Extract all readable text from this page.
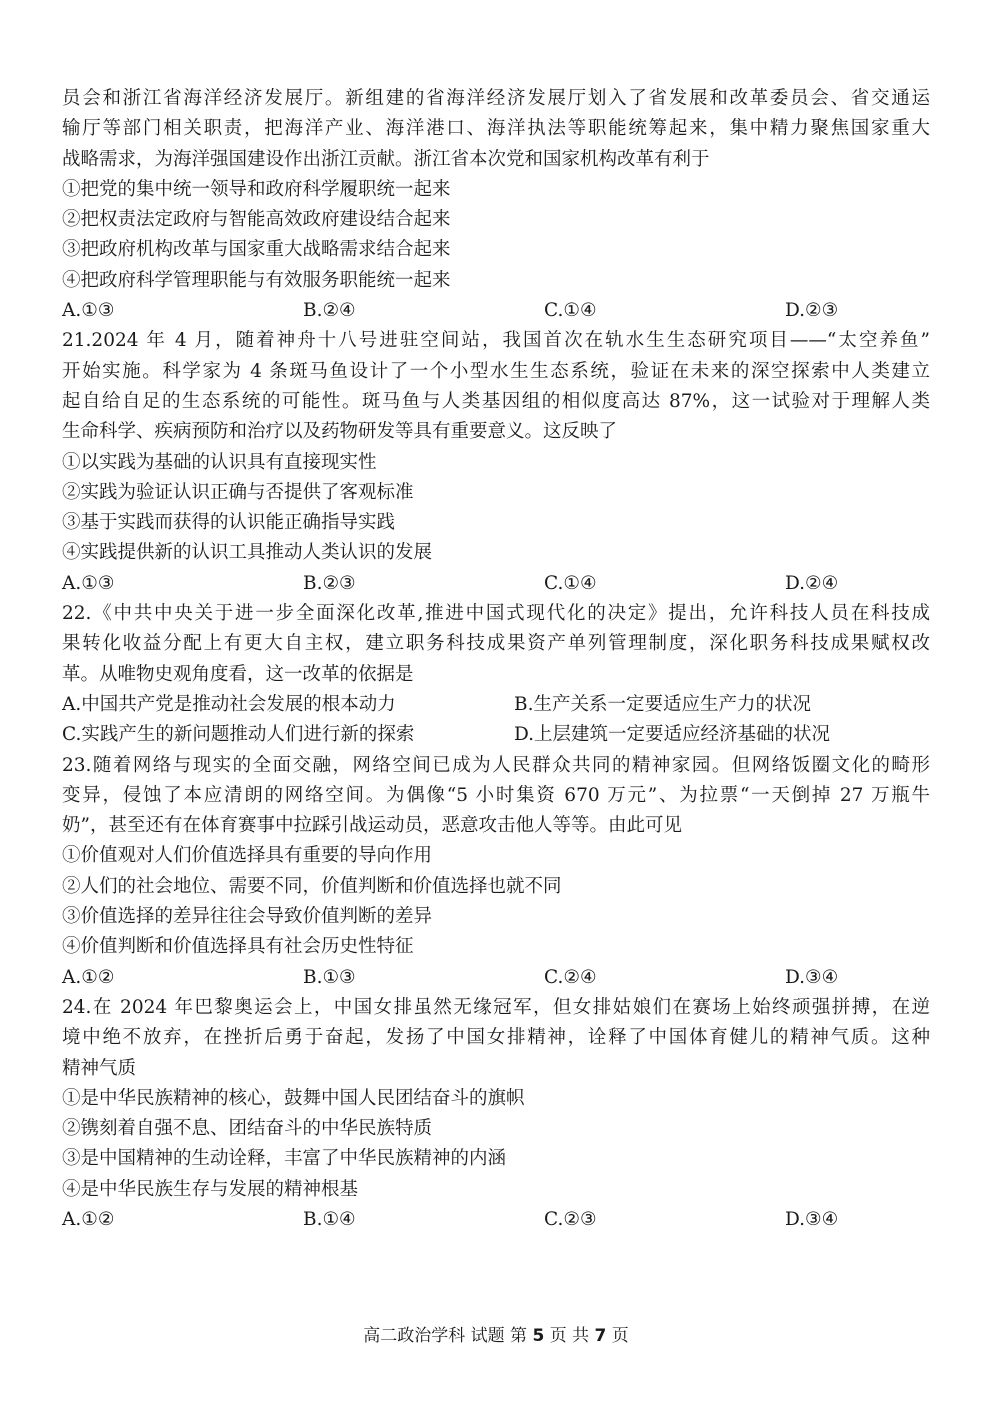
员会和浙江省海洋经济发展厅。新组建的省海洋经济发展厅划入了省发展和改革委员会、省交通运
输厅等部门相关职责，把海洋产业、海洋港口、海洋执法等职能统筹起来，集中精力聚焦国家重大
战略需求，为海洋强国建设作出浙江贡献。浙江省本次党和国家机构改革有利于
①把党的集中统一领导和政府科学履职统一起来
②把权责法定政府与智能高效政府建设结合起来
③把政府机构改革与国家重大战略需求结合起来
④把政府科学管理职能与有效服务职能统一起来
A.①③	B.②④	C.①④	D.②③
21.2024 年 4 月，随着神舟十八号进驻空间站，我国首次在轨水生生态研究项目——“太空养鱼”
开始实施。科学家为 4 条斑马鱼设计了一个小型水生生态系统，验证在未来的深空探索中人类建立
起自给自足的生态系统的可能性。斑马鱼与人类基因组的相似度高达 87%，这一试验对于理解人类
生命科学、疾病预防和治疗以及药物研发等具有重要意义。这反映了
①以实践为基础的认识具有直接现实性
②实践为验证认识正确与否提供了客观标准
③基于实践而获得的认识能正确指导实践
④实践提供新的认识工具推动人类认识的发展
A.①③	B.②③	C.①④	D.②④
22.《中共中央关于进一步全面深化改革,推进中国式现代化的决定》提出，允许科技人员在科技成
果转化收益分配上有更大自主权，建立职务科技成果资产单列管理制度，深化职务科技成果赋权改
革。从唯物史观角度看，这一改革的依据是
A.中国共产党是推动社会发展的根本动力	B.生产关系一定要适应生产力的状况
C.实践产生的新问题推动人们进行新的探索	D.上层建筑一定要适应经济基础的状况
23.随着网络与现实的全面交融，网络空间已成为人民群众共同的精神家园。但网络饭圈文化的畸形
变异，侵蚀了本应清朗的网络空间。为偶像“5 小时集资 670 万元”、为拉票“一天倒掉 27 万瓶牛
奶”，甚至还有在体育赛事中拉踩引战运动员，恶意攻击他人等等。由此可见
①价值观对人们价值选择具有重要的导向作用
②人们的社会地位、需要不同，价值判断和价值选择也就不同
③价值选择的差异往往会导致价值判断的差异
④价值判断和价值选择具有社会历史性特征
A.①②	B.①③	C.②④	D.③④
24.在 2024 年巴黎奥运会上，中国女排虽然无缘冠军，但女排姑娘们在赛场上始终顽强拼搏，在逆
境中绝不放弃，在挫折后勇于奋起，发扬了中国女排精神，诠释了中国体育健儿的精神气质。这种
精神气质
①是中华民族精神的核心，鼓舞中国人民团结奋斗的旗帜
②镌刻着自强不息、团结奋斗的中华民族特质
③是中国精神的生动诠释，丰富了中华民族精神的内涵
④是中华民族生存与发展的精神根基
A.①②	B.①④	C.②③	D.③④
高二政治学科 试题 第 5 页 共 7 页
